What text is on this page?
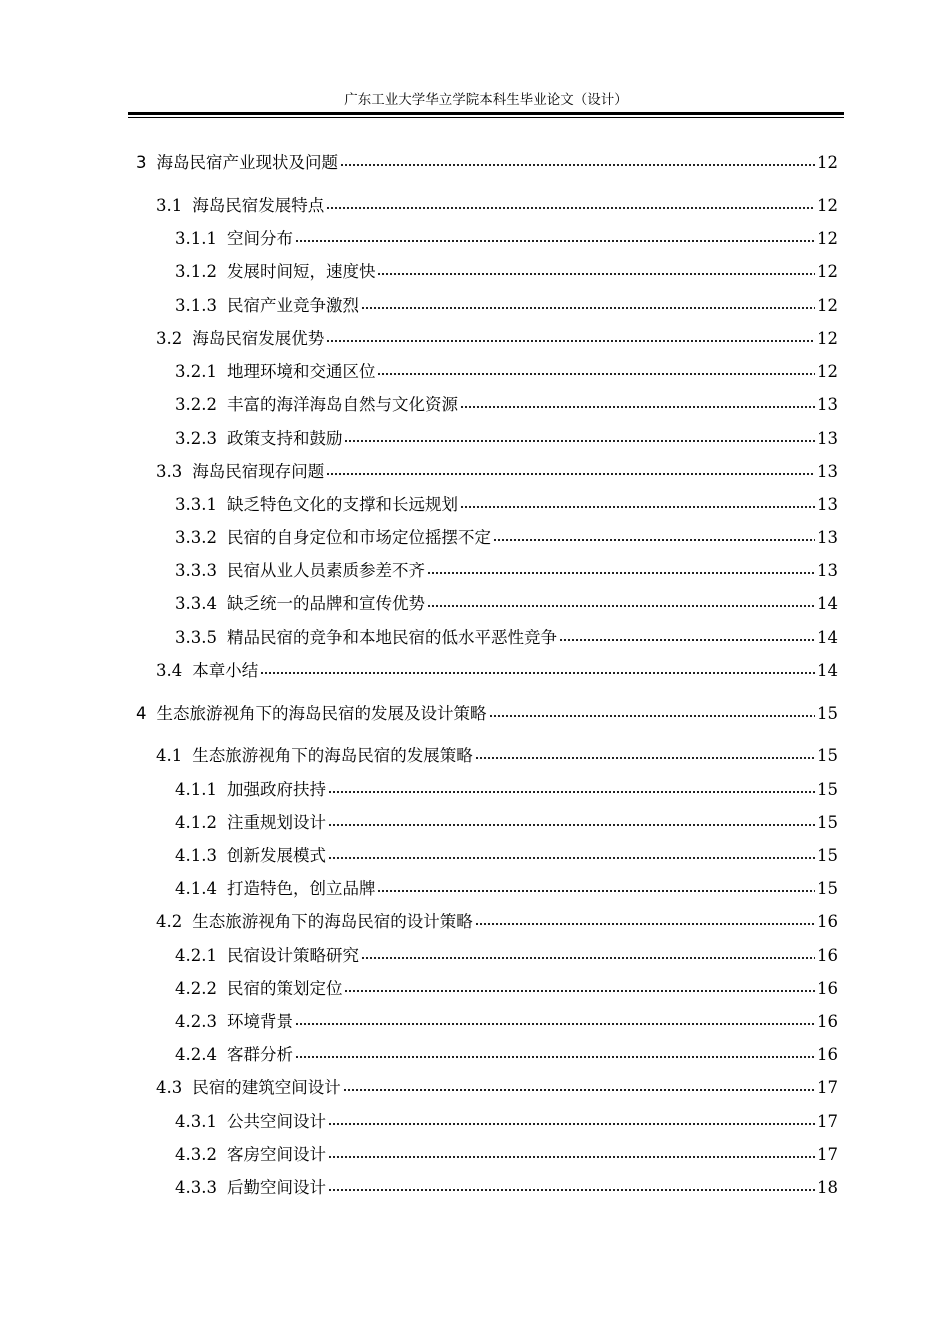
广东工业大学华立学院本科生毕业论文（设计）
3 海岛民宿产业现状及问题	12
3.1 海岛民宿发展特点	12
3.1.1 空间分布	12
3.1.2 发展时间短，速度快	12
3.1.3 民宿产业竞争激烈	12
3.2 海岛民宿发展优势	12
3.2.1 地理环境和交通区位	12
3.2.2 丰富的海洋海岛自然与文化资源	13
3.2.3 政策支持和鼓励	13
3.3 海岛民宿现存问题	13
3.3.1 缺乏特色文化的支撑和长远规划	13
3.3.2 民宿的自身定位和市场定位摇摆不定	13
3.3.3 民宿从业人员素质参差不齐	13
3.3.4 缺乏统一的品牌和宣传优势	14
3.3.5 精品民宿的竞争和本地民宿的低水平恶性竞争	14
3.4 本章小结	14
4 生态旅游视角下的海岛民宿的发展及设计策略	15
4.1 生态旅游视角下的海岛民宿的发展策略	15
4.1.1 加强政府扶持	15
4.1.2 注重规划设计	15
4.1.3 创新发展模式	15
4.1.4 打造特色，创立品牌	15
4.2 生态旅游视角下的海岛民宿的设计策略	16
4.2.1 民宿设计策略研究	16
4.2.2 民宿的策划定位	16
4.2.3 环境背景	16
4.2.4 客群分析	16
4.3 民宿的建筑空间设计	17
4.3.1 公共空间设计	17
4.3.2 客房空间设计	17
4.3.3 后勤空间设计	18
